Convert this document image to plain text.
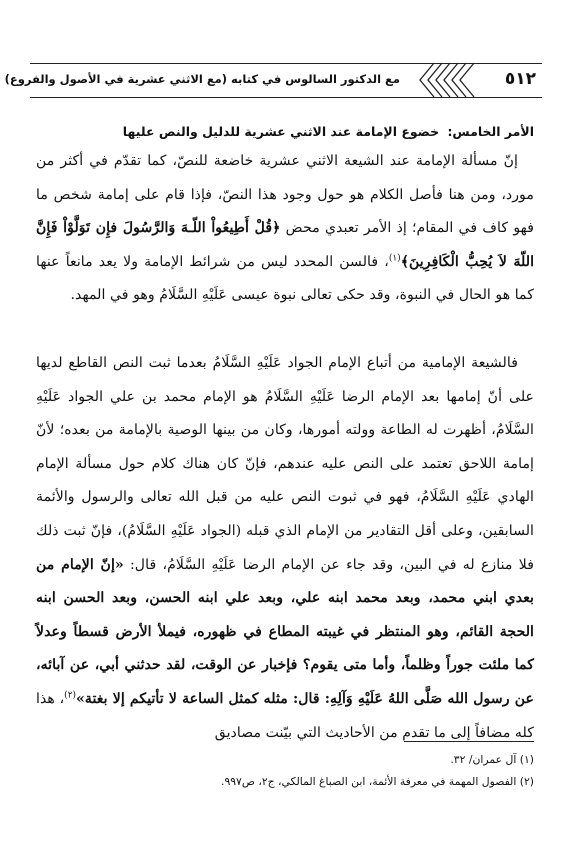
٥١٢
مع الدكتور السالوس في كتابه (مع الاثني عشرية في الأصول والفروع)
الأمر الخامس: خضوع الإمامة عند الاثني عشرية للدليل والنص عليها

إنّ مسألة الإمامة عند الشيعة الاثني عشرية خاضعة للنصّ، كما تقدّم في أكثر من مورد، ومن هنا فأصل الكلام هو حول وجود هذا النصّ، فإذا قام على إمامة شخص ما فهو كاف في المقام؛ إذ الأمر تعبدي محض ﴿قُلْ أَطِيعُواْ اللّـهَ وَالرَّسُولَ فإِن تَوَلَّوْاْ فَإِنَّ اللّهَ لاَ يُحِبُّ الْكَافِرِينَ﴾$^{(١)}$، فالسن المحدد ليس من شرائط الإمامة ولا يعد مانعاً عنها كما هو الحال في النبوة، وقد حكى تعالى نبوة عيسى عَلَيْهِ السَّلَامُ وهو في المهد.

فالشيعة الإمامية من أتباع الإمام الجواد عَلَيْهِ السَّلَامُ بعدما ثبت النص القاطع لديها على أنّ إمامها بعد الإمام الرضا عَلَيْهِ السَّلَامُ هو الإمام محمد بن علي الجواد عَلَيْهِ السَّلَامُ، أظهرت له الطاعة وولته أمورها، وكان من بينها الوصية بالإمامة من بعده؛ لأنّ إمامة اللاحق تعتمد على النص عليه عندهم، فإنّ كان هناك كلام حول مسألة الإمام الهادي عَلَيْهِ السَّلَامُ، فهو في ثبوت النص عليه من قبل الله تعالى والرسول والأئمة السابقين، وعلى أقل التقادير من الإمام الذي قبله (الجواد عَلَيْهِ السَّلَامُ)، فإنّ ثبت ذلك فلا منازع له في البين، وقد جاء عن الإمام الرضا عَلَيْهِ السَّلَامُ، قال: «إنّ الإمام من بعدي ابني محمد، وبعد محمد ابنه علي، وبعد علي ابنه الحسن، وبعد الحسن ابنه الحجة القائم، وهو المنتظر في غيبته المطاع في ظهوره، فيملأ الأرض قسطاً وعدلاً كما ملئت جوراً وظلماً، وأما متى يقوم؟ فإخبار عن الوقت، لقد حدثني أبي، عن آبائه، عن رسول الله صَلَّى اللهُ عَلَيْهِ وَآلِهِ: قال: مثله كمثل الساعة لا تأتيكم إلا بغتة»$^{(٢)}$، هذا كله مضافاً إلى ما تقدم من الأحاديث التي بيّنت مصاديق

(١) آل عمران/ ٣٢.
(٢) الفصول المهمة في معرفة الأئمة، ابن الصباغ المالكي، ج٢، ص٩٩٧.
